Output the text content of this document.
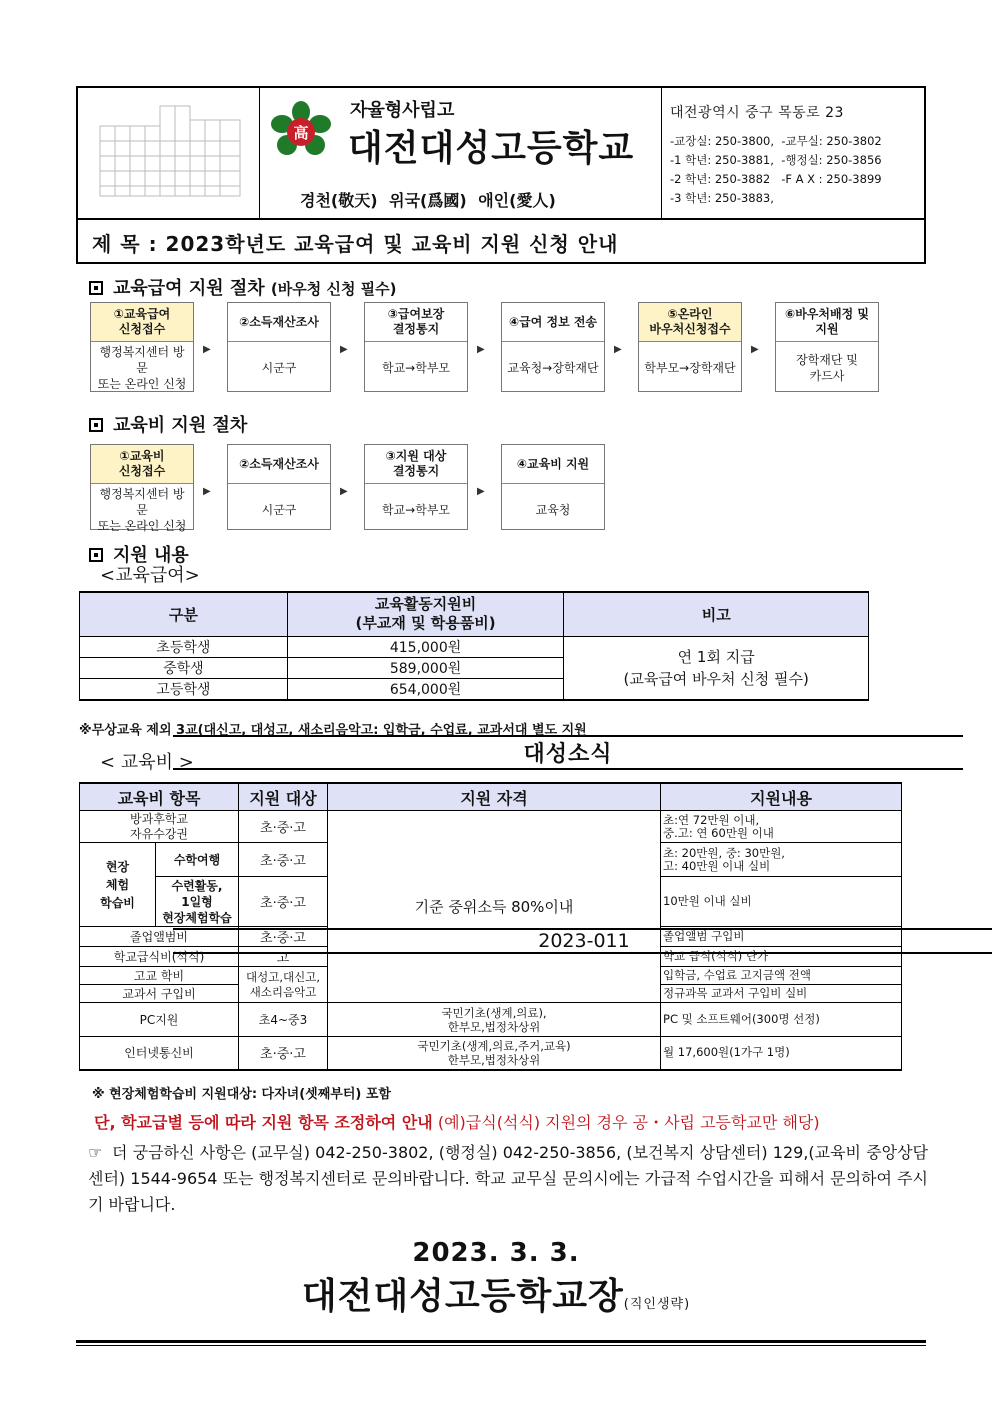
대성소식
2023-011
高
자율형사립고
대전대성고등학교
경천(敬天) 위국(爲國) 애인(愛人)
대전광역시 중구 목동로 23
-교장실: 250-3800,  -교무실: 250-3802
-1 학년: 250-3881,  -행정실: 250-3856
-2 학년: 250-3882   -F A X : 250-3899
-3 학년: 250-3883,
제 목 : 2023학년도 교육급여 및 교육비 지원 신청 안내
교육급여 지원 절차 (바우청 신청 필수)
①교육급여
신청접수
행정복지센터 방문
또는 온라인 신청
▶
②소득재산조사
시군구
▶
③급여보장
결정통지
학교→학부모
▶
④급여 정보 전송
교육청→장학재단
▶
⑤온라인
바우처신청접수
학부모→장학재단
▶
⑥바우처배정 및
지원
장학재단 및
카드사
교육비 지원 절차
①교육비
신청접수
행정복지센터 방문
또는 온라인 신청
▶
②소득재산조사
시군구
▶
③지원 대상
결정통지
학교→학부모
▶
④교육비 지원
교육청
지원 내용
<교육급여>
구분	교육활동지원비
(부교재 및 학용품비)	비고
초등학생	415,000원	연 1회 지급
(교육급여 바우처 신청 필수)
중학생	589,000원	
고등학생	654,000원	
※무상교육 제외 3교(대신고, 대성고, 새소리음악고: 입학금, 수업료, 교과서대 별도 지원
< 교육비 >
교육비 항목		지원 대상	지원 자격	지원내용
방과후학교
자유수강권		초·중·고	기준 중위소득 80%이내	초:연 72만원 이내,
중.고: 연 60만원 이내
현장
체험
학습비	수학여행	초·중·고		초: 20만원, 중: 30만원,
고: 40만원 이내 실비
	수련활동,
1일형
현장체험학습	초·중·고		10만원 이내 실비
졸업앨범비		초·중·고		졸업앨범 구입비
학교급식비(석식)		고		학교 급식(석식) 단가
고교 학비		대성고,대신고,
새소리음악고		입학금, 수업료 고지금액 전액
교과서 구입비				정규과목 교과서 구입비 실비
PC지원		초4~중3	국민기초(생계,의료),
한부모,법정차상위	PC 및 소프트웨어(300명 선정)
인터넷통신비		초·중·고	국민기초(생계,의료,주거,교육)
한부모,법정차상위	월 17,600원(1가구 1명)
※ 현장체험학습비 지원대상: 다자녀(셋째부터) 포함
단, 학교급별 등에 따라 지원 항목 조정하여 안내 (예)급식(석식) 지원의 경우 공・사립 고등학교만 해당)
☞ 더 궁금하신 사항은 (교무실) 042-250-3802, (행정실) 042-250-3856, (보건복지 상담센터) 129,(교육비 중앙상담센터) 1544-9654 또는 행정복지센터로 문의바랍니다. 학교 교무실 문의시에는 가급적 수업시간을 피해서 문의하여 주시기 바랍니다.
2023. 3. 3.
대전대성고등학교장(직인생략)
